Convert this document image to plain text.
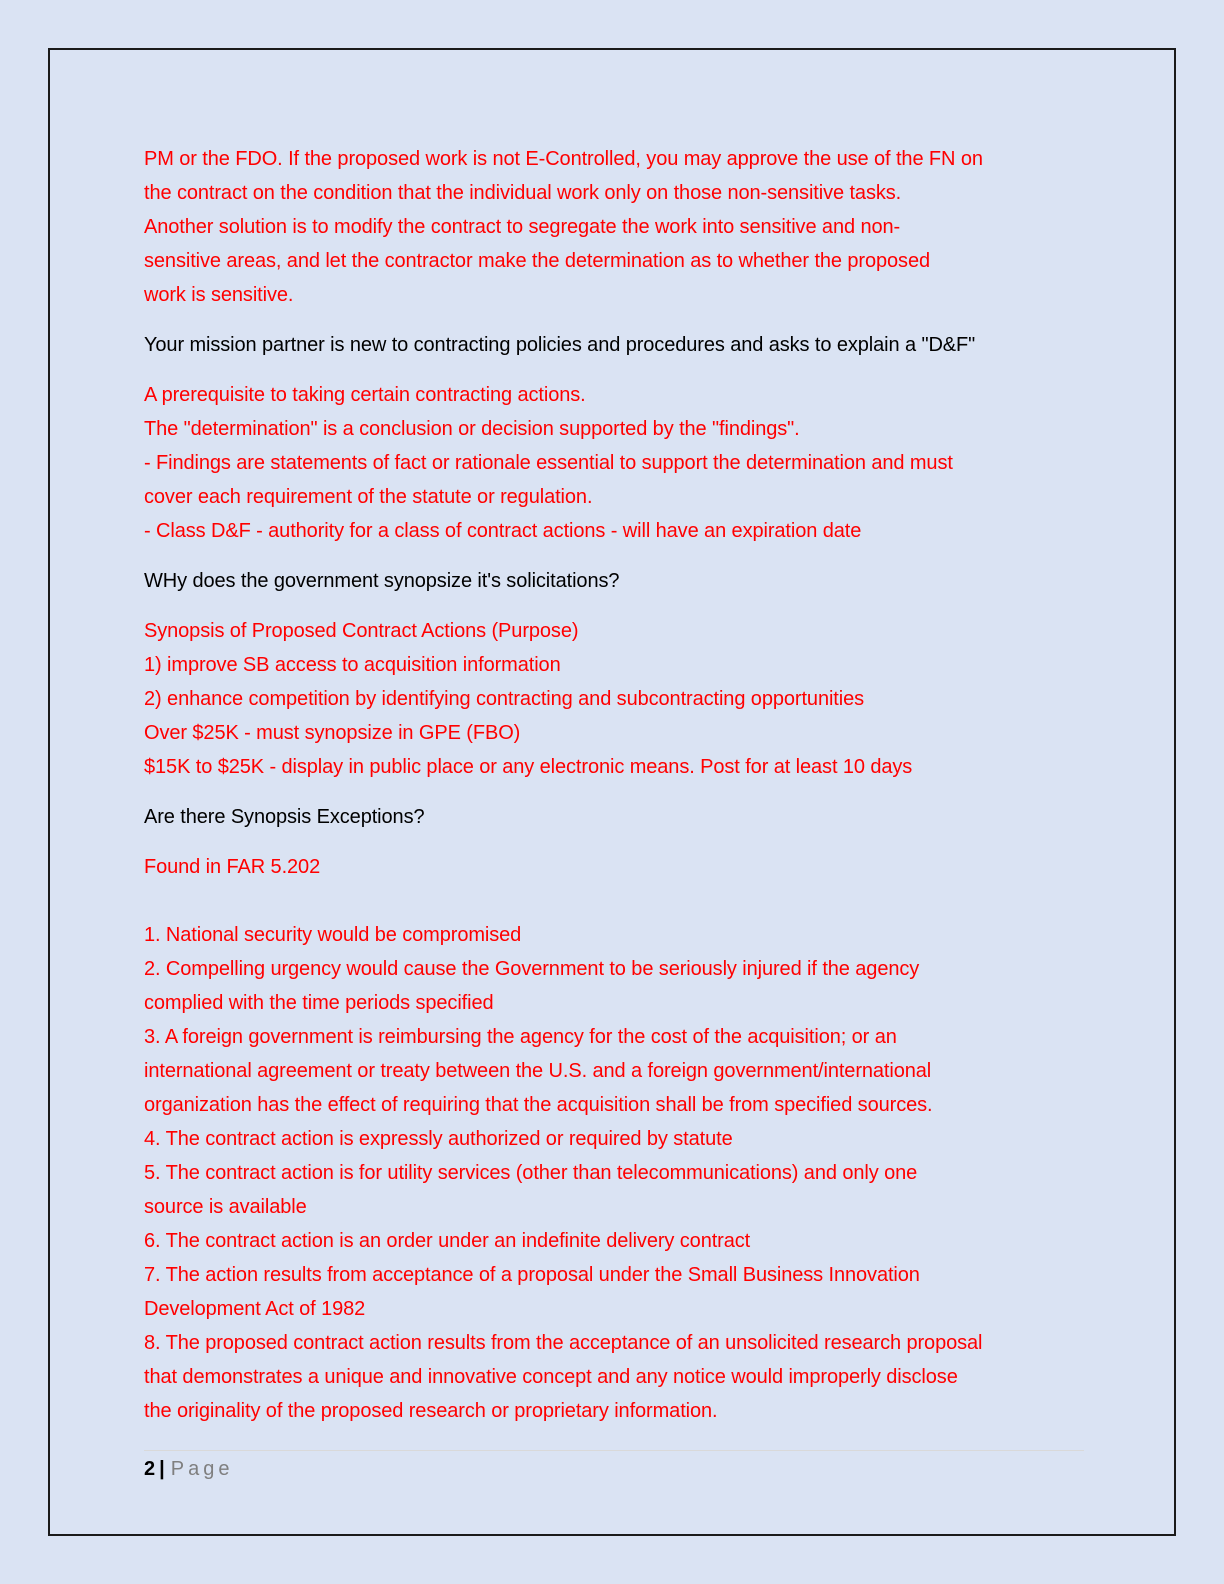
PM or the FDO. If the proposed work is not E-Controlled, you may approve the use of the FN on
the contract on the condition that the individual work only on those non-sensitive tasks.
Another solution is to modify the contract to segregate the work into sensitive and non-
sensitive areas, and let the contractor make the determination as to whether the proposed
work is sensitive.

Your mission partner is new to contracting policies and procedures and asks to explain a "D&F"

A prerequisite to taking certain contracting actions.
The "determination" is a conclusion or decision supported by the "findings".
- Findings are statements of fact or rationale essential to support the determination and must
cover each requirement of the statute or regulation.
- Class D&F - authority for a class of contract actions - will have an expiration date

WHy does the government synopsize it's solicitations?

Synopsis of Proposed Contract Actions (Purpose)
1) improve SB access to acquisition information
2) enhance competition by identifying contracting and subcontracting opportunities
Over $25K - must synopsize in GPE (FBO)
$15K to $25K - display in public place or any electronic means. Post for at least 10 days

Are there Synopsis Exceptions?

Found in FAR 5.202
1. National security would be compromised
2. Compelling urgency would cause the Government to be seriously injured if the agency
complied with the time periods specified
3. A foreign government is reimbursing the agency for the cost of the acquisition; or an
international agreement or treaty between the U.S. and a foreign government/international
organization has the effect of requiring that the acquisition shall be from specified sources.
4. The contract action is expressly authorized or required by statute
5. The contract action is for utility services (other than telecommunications) and only one
source is available
6. The contract action is an order under an indefinite delivery contract
7. The action results from acceptance of a proposal under the Small Business Innovation
Development Act of 1982
8. The proposed contract action results from the acceptance of an unsolicited research proposal
that demonstrates a unique and innovative concept and any notice would improperly disclose
the originality of the proposed research or proprietary information.

2 | Page
